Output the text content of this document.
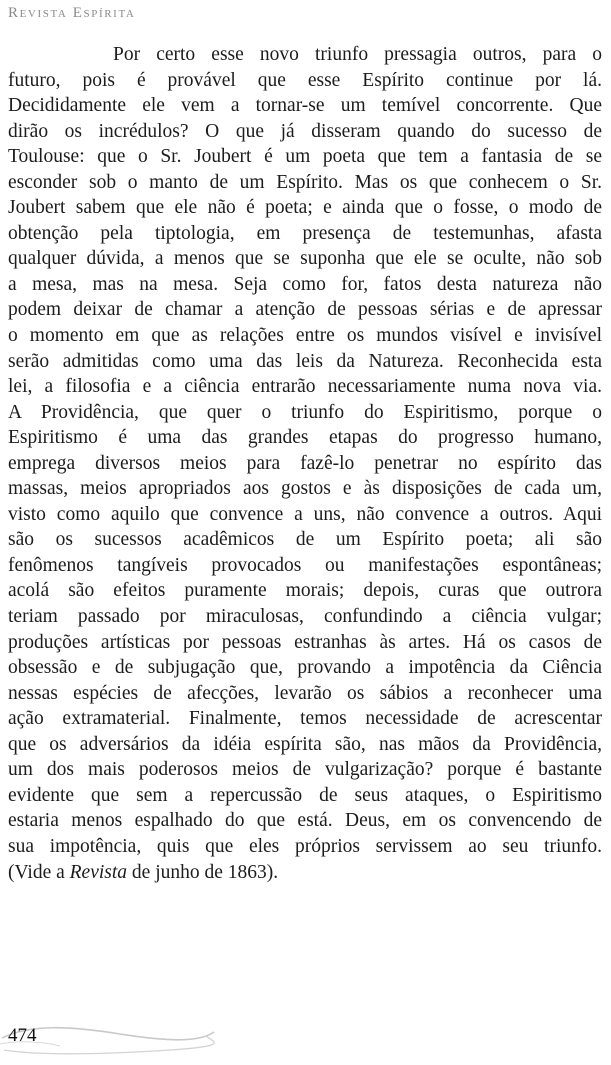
Revista Espírita
Por certo esse novo triunfo pressagia outros, para o
futuro, pois é provável que esse Espírito continue por lá.
Decididamente ele vem a tornar-se um temível concorrente. Que
dirão os incrédulos? O que já disseram quando do sucesso de
Toulouse: que o Sr. Joubert é um poeta que tem a fantasia de se
esconder sob o manto de um Espírito. Mas os que conhecem o Sr.
Joubert sabem que ele não é poeta; e ainda que o fosse, o modo de
obtenção pela tiptologia, em presença de testemunhas, afasta
qualquer dúvida, a menos que se suponha que ele se oculte, não sob
a mesa, mas na mesa. Seja como for, fatos desta natureza não
podem deixar de chamar a atenção de pessoas sérias e de apressar
o momento em que as relações entre os mundos visível e invisível
serão admitidas como uma das leis da Natureza. Reconhecida esta
lei, a filosofia e a ciência entrarão necessariamente numa nova via.
A Providência, que quer o triunfo do Espiritismo, porque o
Espiritismo é uma das grandes etapas do progresso humano,
emprega diversos meios para fazê-lo penetrar no espírito das
massas, meios apropriados aos gostos e às disposições de cada um,
visto como aquilo que convence a uns, não convence a outros. Aqui
são os sucessos acadêmicos de um Espírito poeta; ali são
fenômenos tangíveis provocados ou manifestações espontâneas;
acolá são efeitos puramente morais; depois, curas que outrora
teriam passado por miraculosas, confundindo a ciência vulgar;
produções artísticas por pessoas estranhas às artes. Há os casos de
obsessão e de subjugação que, provando a impotência da Ciência
nessas espécies de afecções, levarão os sábios a reconhecer uma
ação extramaterial. Finalmente, temos necessidade de acrescentar
que os adversários da idéia espírita são, nas mãos da Providência,
um dos mais poderosos meios de vulgarização? porque é bastante
evidente que sem a repercussão de seus ataques, o Espiritismo
estaria menos espalhado do que está. Deus, em os convencendo de
sua impotência, quis que eles próprios servissem ao seu triunfo.
(Vide a Revista de junho de 1863).
474
